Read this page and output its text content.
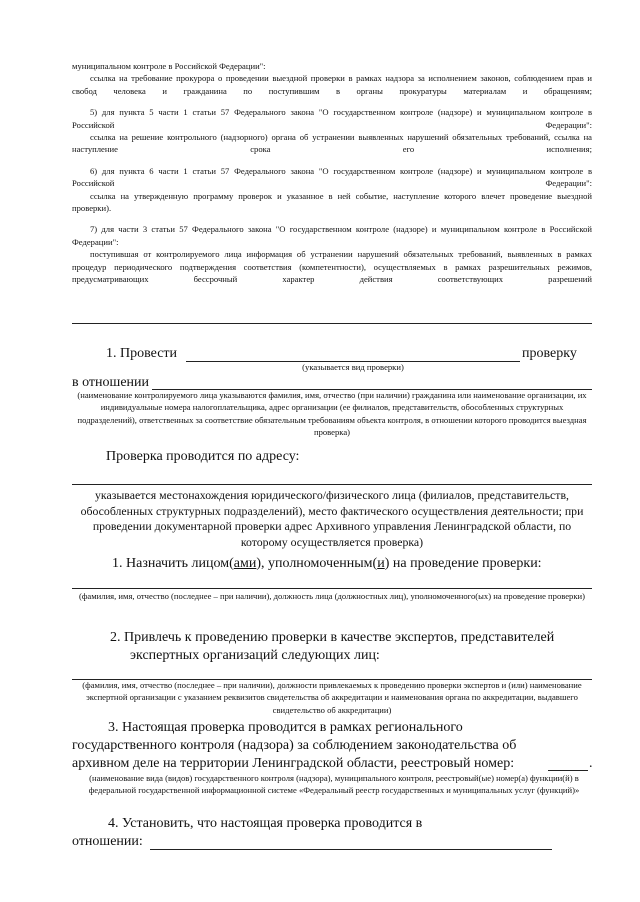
муниципальном контроле в Российской Федерации":

ссылка на требование прокурора о проведении выездной проверки в рамках надзора за исполнением законов, соблюдением прав и свобод человека и гражданина по поступившим в органы прокуратуры материалам и обращениям;

5) для пункта 5 части 1 статьи 57 Федерального закона "О государственном контроле (надзоре) и муниципальном контроле в Российской Федерации":

ссылка на решение контрольного (надзорного) органа об устранении выявленных нарушений обязательных требований, ссылка на наступление срока его исполнения;

6) для пункта 6 части 1 статьи 57 Федерального закона "О государственном контроле (надзоре) и муниципальном контроле в Российской Федерации":

ссылка на утвержденную программу проверок и указанное в ней событие, наступление которого влечет проведение выездной проверки).

7) для части 3 статьи 57 Федерального закона "О государственном контроле (надзоре) и муниципальном контроле в Российской Федерации":

поступившая от контролируемого лица информация об устранении нарушений обязательных требований, выявленных в рамках процедур периодического подтверждения соответствия (компетентности), осуществляемых в рамках разрешительных режимов, предусматривающих бессрочный характер действия соответствующих разрешений

1. Провести	проверку
(указывается вид проверки)
в отношении
(наименование контролируемого лица указываются фамилия, имя, отчество (при наличии) гражданина или наименование организации, их индивидуальные номера налогоплательщика, адрес организации (ее филиалов, представительств, обособленных структурных подразделений), ответственных за соответствие обязательным требованиям объекта контроля, в отношении которого проводится выездная проверка)
Проверка проводится по адресу:
указывается местонахождения юридического/физического лица (филиалов, представительств, обособленных структурных подразделений), место фактического осуществления деятельности; при проведении документарной проверки адрес Архивного управления Ленинградской области, по которому осуществляется проверка)
1. Назначить лицом(ами), уполномоченным(и) на проведение проверки:
(фамилия, имя, отчество (последнее – при наличии), должность лица (должностных лиц), уполномоченного(ых) на проведение проверки)
2. Привлечь к проведению проверки в качестве экспертов, представителей
экспертных организаций следующих лиц:
(фамилия, имя, отчество (последнее – при наличии), должности привлекаемых к проведению проверки экспертов и (или) наименование экспертной организации с указанием реквизитов свидетельства об аккредитации и наименования органа по аккредитации, выдавшего свидетельство об аккредитации)
3. Настоящая проверка проводится в рамках регионального
государственного контроля (надзора) за соблюдением законодательства об
архивном деле на территории Ленинградской области, реестровый номер:	.
(наименование вида (видов) государственного контроля (надзора), муниципального контроля, реестровый(ые) номер(а) функции(й) в федеральной государственной информационной системе «Федеральный реестр государственных и муниципальных услуг (функций)»
4. Установить, что настоящая проверка проводится в
отношении:
